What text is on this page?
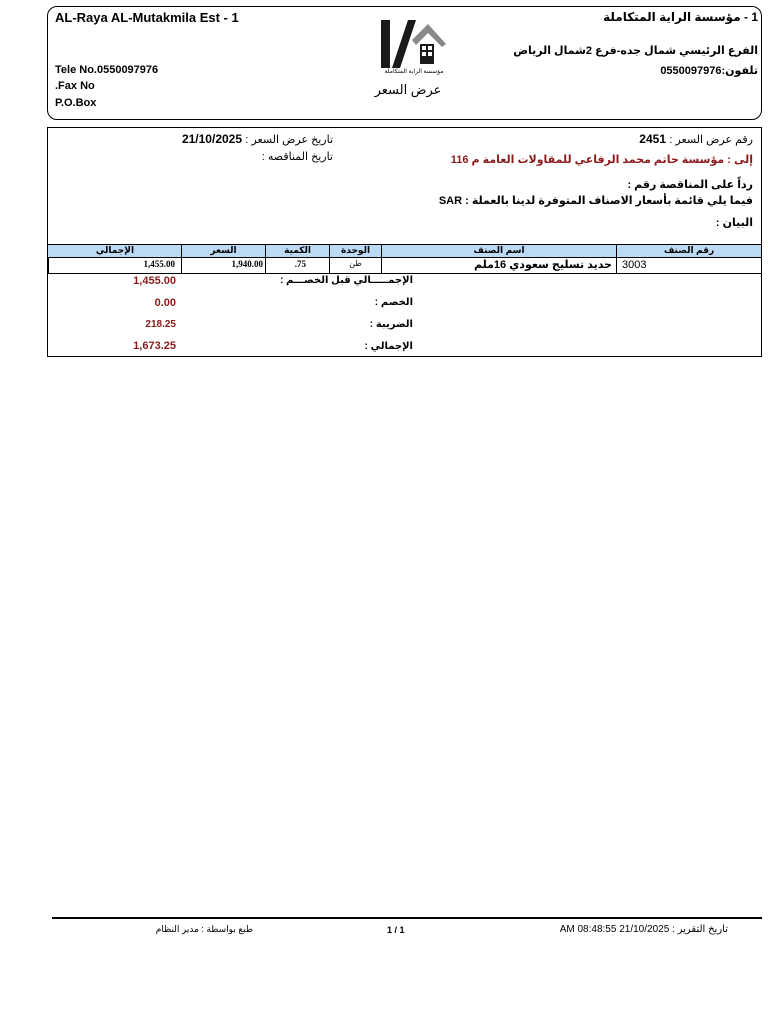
AL-Raya AL-Mutakmila Est - 1
Tele No.0550097976
.Fax No
P.O.Box
1 - مؤسسة الراية المتكاملة
الفرع الرئيسي شمال جده-فرع 2شمال الرياض
تلفون:0550097976
مؤسسة الراية المتكاملة
عرض السعر
رقم عرض السعر : 2451
تاريخ عرض السعر : 21/10/2025
تاريخ المناقصه :	إلى : مؤسسة حاتم محمد الرفاعي للمقاولات العامة م 116
رداً على المناقصة رقم :
فيما يلي قائمة بأسعار الاصناف المتوفرة لدينا بالعملة : SAR
البيان :
رقم الصنف
اسم الصنف
الوحدة
الكمية
السعر
الإجمالي
3003
حديد تسليح سعودي 16ملم
طن
.75
1,940.00
1,455.00
الإجمـــــالي قبل الخصـــم :
1,455.00
الخصم :
0.00
الضريبة :
218.25
الإجمالي :
1,673.25
تاريخ التقرير : 21/10/2025 08:48:55 AM
1 / 1
طبع بواسطة : مدير النظام
